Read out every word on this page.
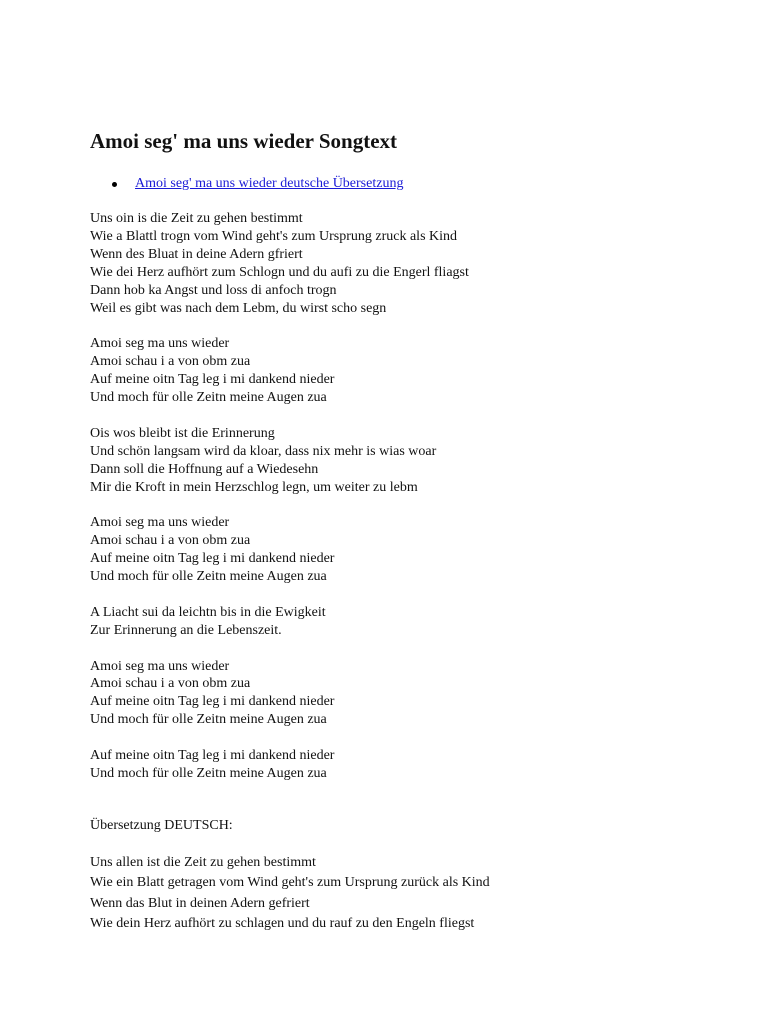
Amoi seg' ma uns wieder Songtext
Amoi seg' ma uns wieder deutsche Übersetzung
Uns oin is die Zeit zu gehen bestimmt
Wie a Blattl trogn vom Wind geht's zum Ursprung zruck als Kind
Wenn des Bluat in deine Adern gfriert
Wie dei Herz aufhört zum Schlogn und du aufi zu die Engerl fliagst
Dann hob ka Angst und loss di anfoch trogn
Weil es gibt was nach dem Lebm, du wirst scho segn
Amoi seg ma uns wieder
Amoi schau i a von obm zua
Auf meine oitn Tag leg i mi dankend nieder
Und moch für olle Zeitn meine Augen zua
Ois wos bleibt ist die Erinnerung
Und schön langsam wird da kloar, dass nix mehr is wias woar
Dann soll die Hoffnung auf a Wiedesehn
Mir die Kroft in mein Herzschlog legn, um weiter zu lebm
Amoi seg ma uns wieder
Amoi schau i a von obm zua
Auf meine oitn Tag leg i mi dankend nieder
Und moch für olle Zeitn meine Augen zua
A Liacht sui da leichtn bis in die Ewigkeit
Zur Erinnerung an die Lebenszeit.
Amoi seg ma uns wieder
Amoi schau i a von obm zua
Auf meine oitn Tag leg i mi dankend nieder
Und moch für olle Zeitn meine Augen zua
Auf meine oitn Tag leg i mi dankend nieder
Und moch für olle Zeitn meine Augen zua
Übersetzung DEUTSCH:
Uns allen ist die Zeit zu gehen bestimmt
Wie ein Blatt getragen vom Wind geht's zum Ursprung zurück als Kind
Wenn das Blut in deinen Adern gefriert
Wie dein Herz aufhört zu schlagen und du rauf zu den Engeln fliegst
